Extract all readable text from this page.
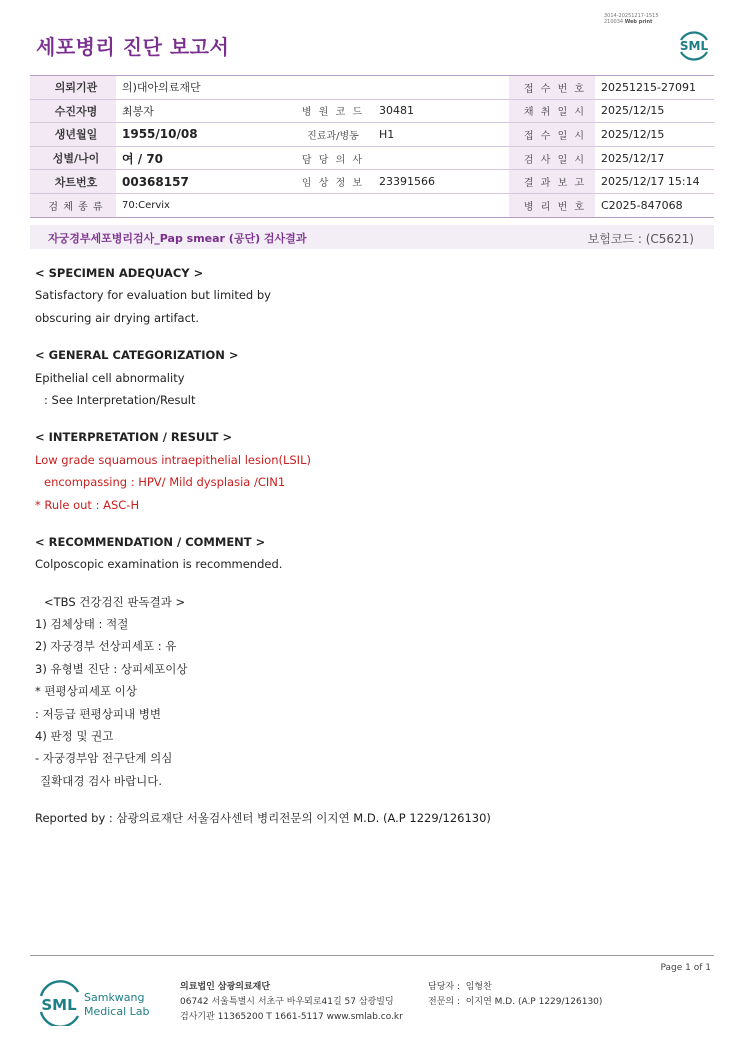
3014-20251217-1515
210034 Web print
세포병리 진단 보고서	SML
의뢰기관	의)대아의료재단			접 수 번 호	20251215-27091
수진자명	최봉자	병 원 코 드	30481	채 취 일 시	2025/12/15
생년월일	1955/10/08	진료과/병동	H1	접 수 일 시	2025/12/15
성별/나이	여 / 70	담 당 의 사		검 사 일 시	2025/12/17
차트번호	00368157	임 상 정 보	23391566	결 과 보 고	2025/12/17 15:14
검 체 종 류	70:Cervix			병 리 번 호	C2025-847068
자궁경부세포병리검사_Pap smear (공단) 검사결과	보험코드 : (C5621)
< SPECIMEN ADEQUACY >
Satisfactory for evaluation but limited by
obscuring air drying artifact.
< GENERAL CATEGORIZATION >
Epithelial cell abnormality
: See Interpretation/Result
< INTERPRETATION / RESULT >
Low grade squamous intraepithelial lesion(LSIL)
encompassing : HPV/ Mild dysplasia /CIN1
* Rule out : ASC-H
< RECOMMENDATION / COMMENT >
Colposcopic examination is recommended.
<TBS 건강검진 판독결과 >
1) 검체상태 : 적절
2) 자궁경부 선상피세포 : 유
3) 유형별 진단 : 상피세포이상
* 편평상피세포 이상
: 저등급 편평상피내 병변
4) 판정 및 권고
- 자궁경부암 전구단계 의심
질확대경 검사 바랍니다.
Reported by : 삼광의료재단 서울검사센터 병리전문의 이지연 M.D. (A.P 1229/126130)
Page 1 of 1
SML Samkwang
Medical Lab
의료법인 삼광의료재단
06742 서울특별시 서초구 바우뫼로41길 57 삼광빌딩
검사기관 11365200 T 1661-5117 www.smlab.co.kr
담당자 : 임형찬
전문의 : 이지연 M.D. (A.P 1229/126130)
